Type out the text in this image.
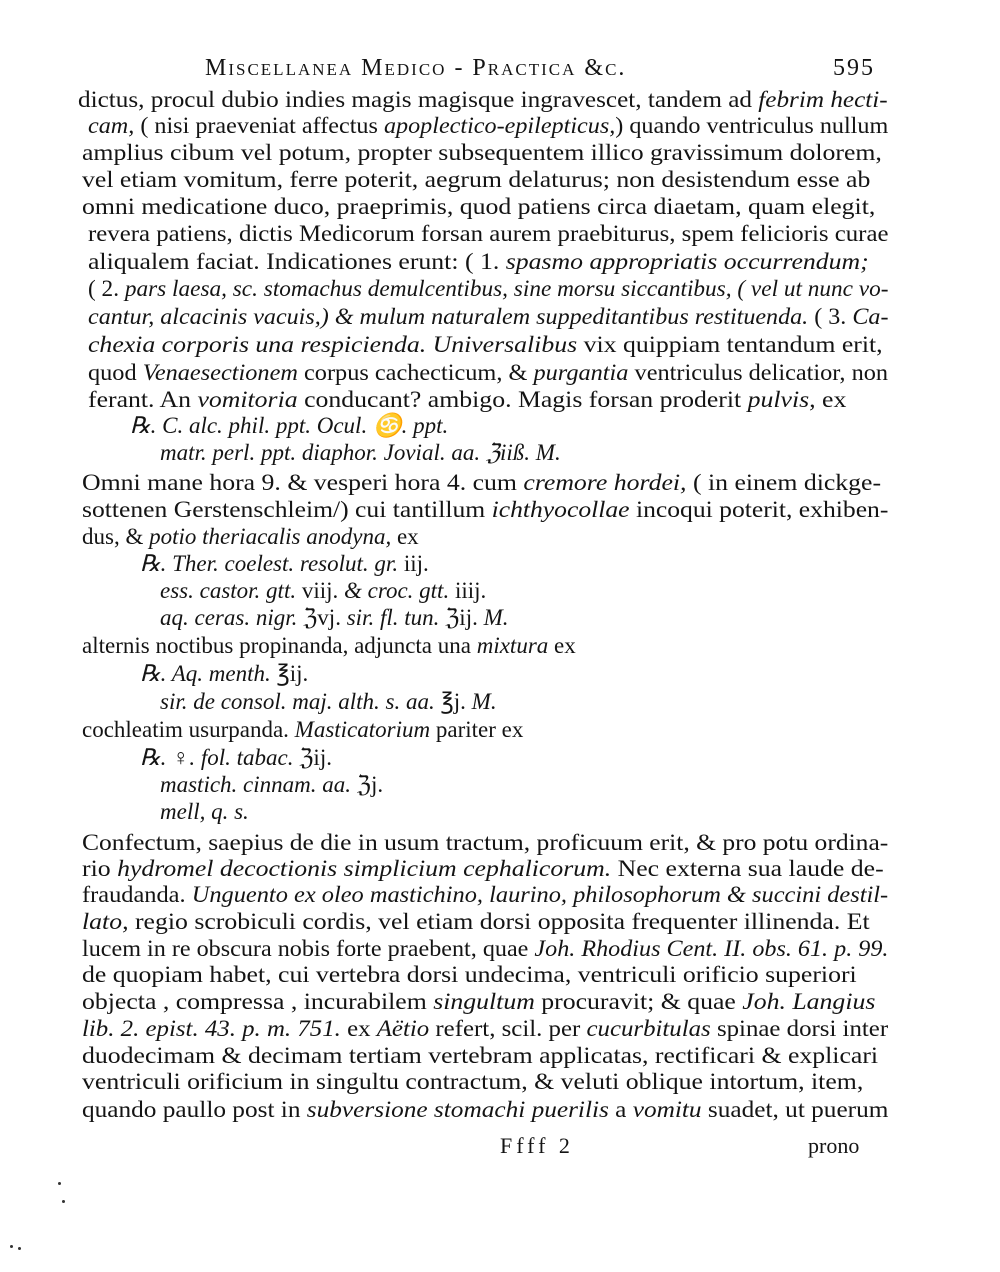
Miscellanea Medico - Practica &c.	595
dictus, procul dubio indies magis magisque ingravescet, tandem ad febrim hecti-
cam, ( nisi praeveniat affectus apoplectico-epilepticus,) quando ventriculus nullum
amplius cibum vel potum, propter subsequentem illico gravissimum dolorem,
vel etiam vomitum, ferre poterit, aegrum delaturus; non desistendum esse ab
omni medicatione duco, praeprimis, quod patiens circa diaetam, quam elegit,
revera patiens, dictis Medicorum forsan aurem praebiturus, spem felicioris curae
aliqualem faciat. Indicationes erunt: ( 1. spasmo appropriatis occurrendum;
( 2. pars laesa, sc. stomachus demulcentibus, sine morsu siccantibus, ( vel ut nunc vo-
cantur, alcacinis vacuis,) & mulum naturalem suppeditantibus restituenda. ( 3. Ca-
chexia corporis una respicienda. Universalibus vix quippiam tentandum erit,
quod Venaesectionem corpus cachecticum, & purgantia ventriculus delicatior, non
ferant. An vomitoria conducant? ambigo. Magis forsan proderit pulvis, ex
℞. C. alc. phil. ppt. Ocul. ♋. ppt.
matr. perl. ppt. diaphor. Jovial. aa. ℨiiß. M.
Omni mane hora 9. & vesperi hora 4. cum cremore hordei, ( in einem dickge-
sottenen Gerstenschleim/) cui tantillum ichthyocollae incoqui poterit, exhiben-
dus, & potio theriacalis anodyna, ex
℞. Ther. coelest. resolut. gr. iij.
ess. castor. gtt. viij. & croc. gtt. iiij.
aq. ceras. nigr. ℨvj. sir. fl. tun. ℨij. M.
alternis noctibus propinanda, adjuncta una mixtura ex
℞. Aq. menth. ℥ij.
sir. de consol. maj. alth. s. aa. ℥j. M.
cochleatim usurpanda. Masticatorium pariter ex
℞. ♀. fol. tabac. ℨij.
mastich. cinnam. aa. ℨj.
mell, q. s.
Confectum, saepius de die in usum tractum, proficuum erit, & pro potu ordina-
rio hydromel decoctionis simplicium cephalicorum. Nec externa sua laude de-
fraudanda. Unguento ex oleo mastichino, laurino, philosophorum & succini destil-
lato, regio scrobiculi cordis, vel etiam dorsi opposita frequenter illinenda. Et
lucem in re obscura nobis forte praebent, quae Joh. Rhodius Cent. II. obs. 61. p. 99.
de quopiam habet, cui vertebra dorsi undecima, ventriculi orificio superiori
objecta , compressa , incurabilem singultum procuravit; & quae Joh. Langius
lib. 2. epist. 43. p. m. 751. ex Aëtio refert, scil. per cucurbitulas spinae dorsi inter
duodecimam & decimam tertiam vertebram applicatas, rectificari & explicari
ventriculi orificium in singultu contractum, & veluti oblique intortum, item,
quando paullo post in subversione stomachi puerilis a vomitu suadet, ut puerum
Ffff 2	prono
